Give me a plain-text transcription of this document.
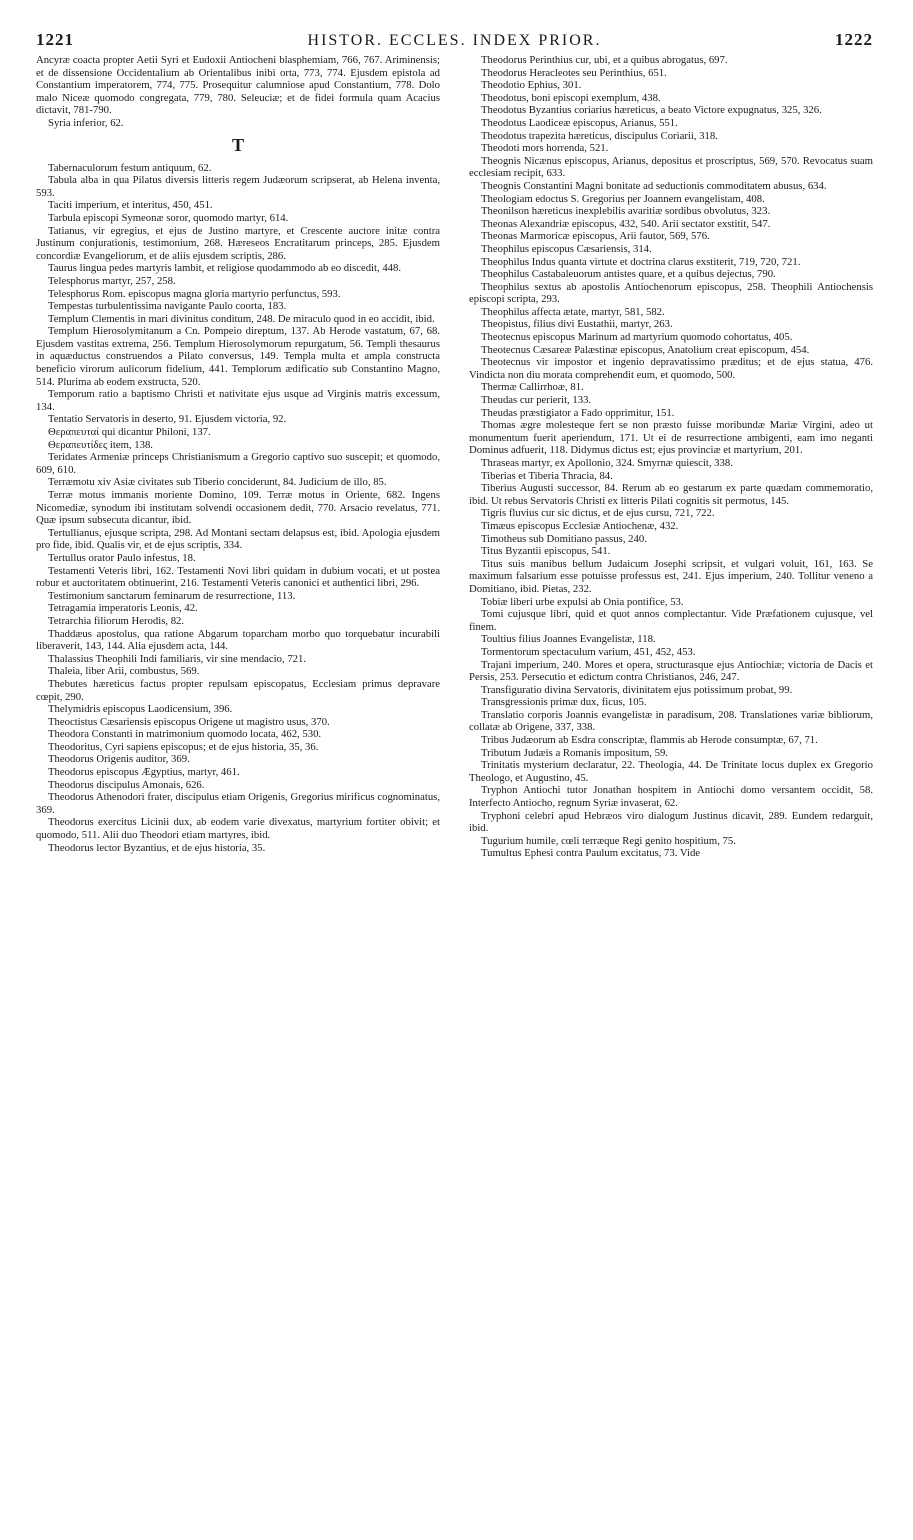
1221	HISTOR. ECCLES. INDEX PRIOR.	1222

Ancyræ coacta propter Aetii Syri et Eudoxii Antiocheni blasphemiam, 766, 767. Ariminensis; et de dissensione Occidentalium ab Orientalibus inibi orta, 773, 774. Ejusdem epistola ad Constantium imperatorem, 774, 775. Prosequitur calumniose apud Constantium, 778. Dolo malo Niceæ quomodo congregata, 779, 780. Seleuciæ; et de fidei formula quam Acacius dictavit, 781-790.

Syria inferior, 62.

T

Tabernaculorum festum antiquum, 62.

Tabula alba in qua Pilatus diversis litteris regem Judæorum scripserat, ab Helena inventa, 593.

Taciti imperium, et interitus, 450, 451.

Tarbula episcopi Symeonæ soror, quomodo martyr, 614.

Tatianus, vir egregius, et ejus de Justino martyre, et Crescente auctore initæ contra Justinum conjurationis, testimonium, 268. Hæreseos Encratitarum princeps, 285. Ejusdem concordiæ Evangeliorum, et de aliis ejusdem scriptis, 286.

Taurus lingua pedes martyris lambit, et religiose quodammodo ab eo discedit, 448.

Telesphorus martyr, 257, 258.

Telesphorus Rom. episcopus magna gloria martyrio perfunctus, 593.

Tempestas turbulentissima navigante Paulo coorta, 183.

Templum Clementis in mari divinitus conditum, 248. De miraculo quod in eo accidit, ibid.

Templum Hierosolymitanum a Cn. Pompeio direptum, 137. Ab Herode vastatum, 67, 68. Ejusdem vastitas extrema, 256. Templum Hierosolymorum repurgatum, 56. Templi thesaurus in aquæductus construendos a Pilato conversus, 149. Templa multa et ampla constructa beneficio virorum aulicorum fidelium, 441. Templorum ædificatio sub Constantino Magno, 514. Plurima ab eodem exstructa, 520.

Temporum ratio a baptismo Christi et nativitate ejus usque ad Virginis matris excessum, 134.

Tentatio Servatoris in deserto, 91. Ejusdem victoria, 92.

Θεραπευταί qui dicantur Philoni, 137.

Θεραπευτίδες item, 138.

Teridates Armeniæ princeps Christianismum a Gregorio captivo suo suscepit; et quomodo, 609, 610.

Terræmotu xiv Asiæ civitates sub Tiberio conciderunt, 84. Judicium de illo, 85.

Terræ motus immanis moriente Domino, 109. Terræ motus in Oriente, 682. Ingens Nicomediæ, synodum ibi institutam solvendi occasionem dedit, 770. Arsacio revelatus, 771. Quæ ipsum subsecuta dicantur, ibid.

Tertullianus, ejusque scripta, 298. Ad Montani sectam delapsus est, ibid. Apologia ejusdem pro fide, ibid. Qualis vir, et de ejus scriptis, 334.

Tertullus orator Paulo infestus, 18.

Testamenti Veteris libri, 162. Testamenti Novi libri quidam in dubium vocati, et ut postea robur et auctoritatem obtinuerint, 216. Testamenti Veteris canonici et authentici libri, 296.

Testimonium sanctarum feminarum de resurrectione, 113.

Tetragamia imperatoris Leonis, 42.

Tetrarchia filiorum Herodis, 82.

Thaddæus apostolus, qua ratione Abgarum toparcham morbo quo torquebatur incurabili liberaverit, 143, 144. Alia ejusdem acta, 144.

Thalassius Theophili Indi familiaris, vir sine mendacio, 721.

Thaleia, liber Arii, combustus, 569.

Thebutes hæreticus factus propter repulsam episcopatus, Ecclesiam primus depravare cœpit, 290.

Thelymidris episcopus Laodicensium, 396.

Theoctistus Cæsariensis episcopus Origene ut magistro usus, 370.

Theodora Constanti in matrimonium quomodo locata, 462, 530.

Theodoritus, Cyri sapiens episcopus; et de ejus historia, 35, 36.

Theodorus Origenis auditor, 369.

Theodorus episcopus Ægyptius, martyr, 461.

Theodorus discipulus Amonais, 626.

Theodorus Athenodori frater, discipulus etiam Origenis, Gregorius mirificus cognominatus, 369.

Theodorus exercitus Licinii dux, ab eodem varie divexatus, martyrium fortiter obivit; et quomodo, 511. Alii duo Theodori etiam martyres, ibid.

Theodorus lector Byzantius, et de ejus historia, 35.

Theodorus Perinthius cur, ubi, et a quibus abrogatus, 697.

Theodorus Heracleotes seu Perinthius, 651.

Theodotio Ephius, 301.

Theodotus, boni episcopi exemplum, 438.

Theodotus Byzantius coriarius hæreticus, a beato Victore expugnatus, 325, 326.

Theodotus Laodiceæ episcopus, Arianus, 551.

Theodotus trapezita hæreticus, discipulus Coriarii, 318.

Theodoti mors horrenda, 521.

Theognis Nicænus episcopus, Arianus, depositus et proscriptus, 569, 570. Revocatus suam ecclesiam recipit, 633.

Theognis Constantini Magni bonitate ad seductionis commoditatem abusus, 634.

Theologiam edoctus S. Gregorius per Joannem evangelistam, 408.

Theonilson hæreticus inexplebilis avaritiæ sordibus obvolutus, 323.

Theonas Alexandriæ episcopus, 432, 540. Arii sectator exstitit, 547.

Theonas Marmoricæ episcopus, Arii fautor, 569, 576.

Theophilus episcopus Cæsariensis, 314.

Theophilus Indus quanta virtute et doctrina clarus exstiterit, 719, 720, 721.

Theophilus Castabaleuorum antistes quare, et a quibus dejectus, 790.

Theophilus sextus ab apostolis Antiochenorum episcopus, 258. Theophili Antiochensis episcopi scripta, 293.

Theophilus affecta ætate, martyr, 581, 582.

Theopistus, filius divi Eustathii, martyr, 263.

Theotecnus episcopus Marinum ad martyrium quomodo cohortatus, 405.

Theotecnus Cæsareæ Palæstinæ episcopus, Anatolium creat episcopum, 454.

Theotecnus vir impostor et ingenio depravatissimo præditus; et de ejus statua, 476. Vindicta non diu morata comprehendit eum, et quomodo, 500.

Thermæ Callirrhoæ, 81.

Theudas cur perierit, 133.

Theudas præstigiator a Fado opprimitur, 151.

Thomas ægre molesteque fert se non præsto fuisse moribundæ Mariæ Virgini, adeo ut monumentum fuerit aperiendum, 171. Ut ei de resurrectione ambigenti, eam imo neganti Dominus adfuerit, 118. Didymus dictus est; ejus provinciæ et martyrium, 201.

Thraseas martyr, ex Apollonio, 324. Smyrnæ quiescit, 338.

Tiberias et Tiberia Thracia, 84.

Tiberius Augusti successor, 84. Rerum ab eo gestarum ex parte quædam commemoratio, ibid. Ut rebus Servatoris Christi ex litteris Pilati cognitis sit permotus, 145.

Tigris fluvius cur sic dictus, et de ejus cursu, 721, 722.

Timæus episcopus Ecclesiæ Antiochenæ, 432.

Timotheus sub Domitiano passus, 240.

Titus Byzantii episcopus, 541.

Titus suis manibus bellum Judaicum Josephi scripsit, et vulgari voluit, 161, 163. Se maximum falsarium esse potuisse professus est, 241. Ejus imperium, 240. Tollitur veneno a Domitiano, ibid. Pietas, 232.

Tobiæ liberi urbe expulsi ab Onia pontifice, 53.

Tomi cujusque libri, quid et quot annos complectantur. Vide Præfationem cujusque, vel finem.

Toultius filius Joannes Evangelistæ, 118.

Tormentorum spectaculum varium, 451, 452, 453.

Trajani imperium, 240. Mores et opera, structurasque ejus Antiochiæ; victoria de Dacis et Persis, 253. Persecutio et edictum contra Christianos, 246, 247.

Transfiguratio divina Servatoris, divinitatem ejus potissimum probat, 99.

Transgressionis primæ dux, ficus, 105.

Translatio corporis Joannis evangelistæ in paradisum, 208. Translationes variæ bibliorum, collatæ ab Origene, 337, 338.

Tribus Judæorum ab Esdra conscriptæ, flammis ab Herode consumptæ, 67, 71.

Tributum Judæis a Romanis impositum, 59.

Trinitatis mysterium declaratur, 22. Theologia, 44. De Trinitate locus duplex ex Gregorio Theologo, et Augustino, 45.

Tryphon Antiochi tutor Jonathan hospitem in Antiochi domo versantem occidit, 58. Interfecto Antiocho, regnum Syriæ invaserat, 62.

Tryphoni celebri apud Hebræos viro dialogum Justinus dicavit, 289. Eundem redarguit, ibid.

Tugurium humile, cœli terræque Regi genito hospitium, 75.

Tumultus Ephesi contra Paulum excitatus, 73. Vide
